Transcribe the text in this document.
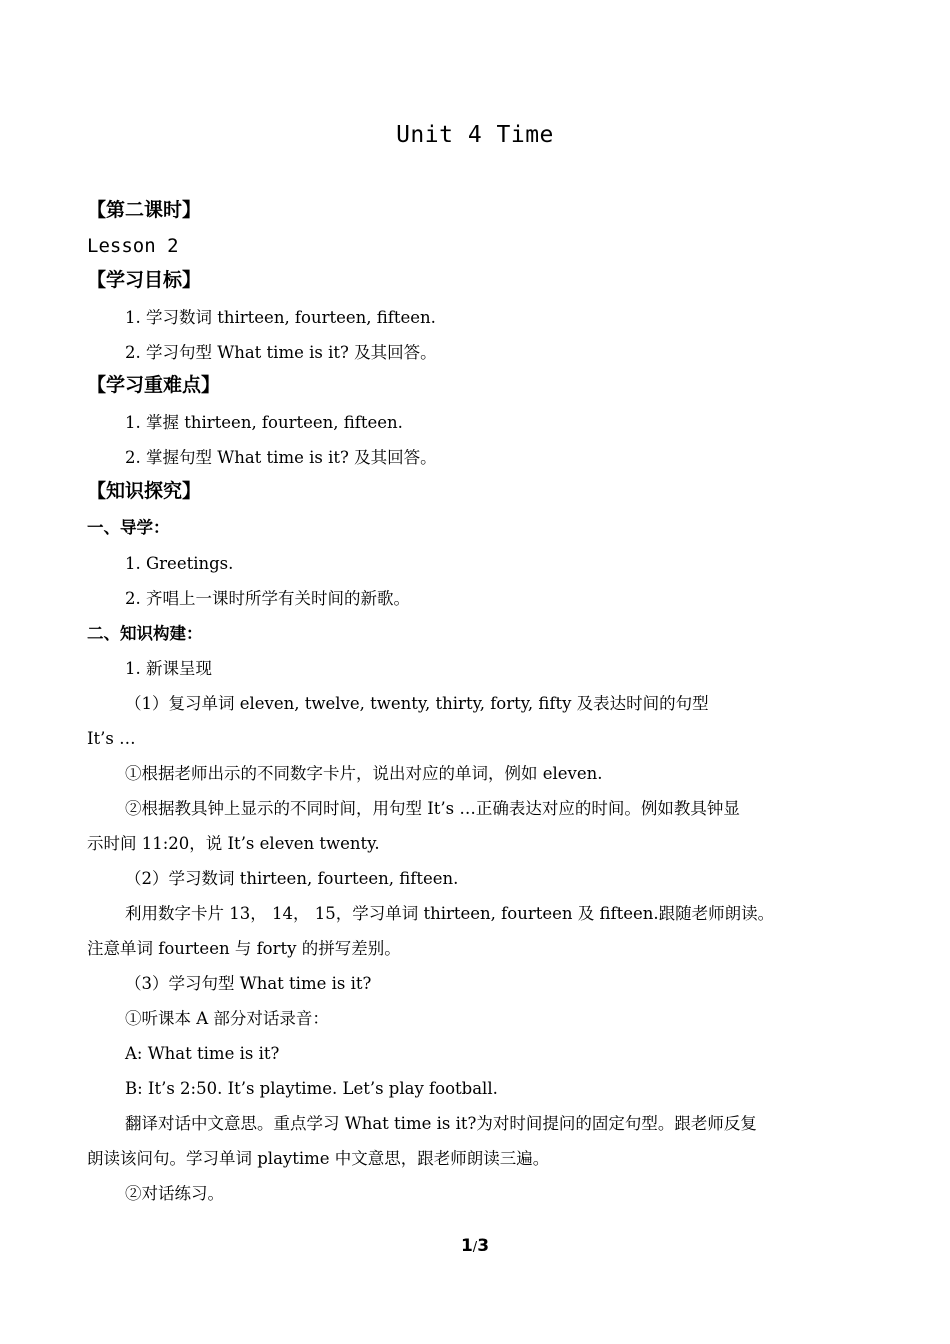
Unit 4 Time
【第二课时】
Lesson 2
【学习目标】
1. 学习数词 thirteen, fourteen, fifteen.
2. 学习句型 What time is it? 及其回答。
【学习重难点】
1. 掌握 thirteen, fourteen, fifteen.
2. 掌握句型 What time is it? 及其回答。
【知识探究】
一、导学：
1. Greetings.
2. 齐唱上一课时所学有关时间的新歌。
二、知识构建：
1. 新课呈现
（1）复习单词 eleven, twelve, twenty, thirty, forty, fifty 及表达时间的句型
It’s …
①根据老师出示的不同数字卡片，说出对应的单词，例如 eleven.
②根据教具钟上显示的不同时间，用句型 It’s …正确表达对应的时间。例如教具钟显
示时间 11:20，说 It’s eleven twenty.
（2）学习数词 thirteen, fourteen, fifteen.
利用数字卡片 13， 14， 15，学习单词 thirteen, fourteen 及 fifteen.跟随老师朗读。
注意单词 fourteen 与 forty 的拼写差别。
（3）学习句型 What time is it?
①听课本 A 部分对话录音：
A: What time is it?
B: It’s 2:50. It’s playtime. Let’s play football.
翻译对话中文意思。重点学习 What time is it?为对时间提问的固定句型。跟老师反复
朗读该问句。学习单词 playtime 中文意思，跟老师朗读三遍。
②对话练习。
1/3
